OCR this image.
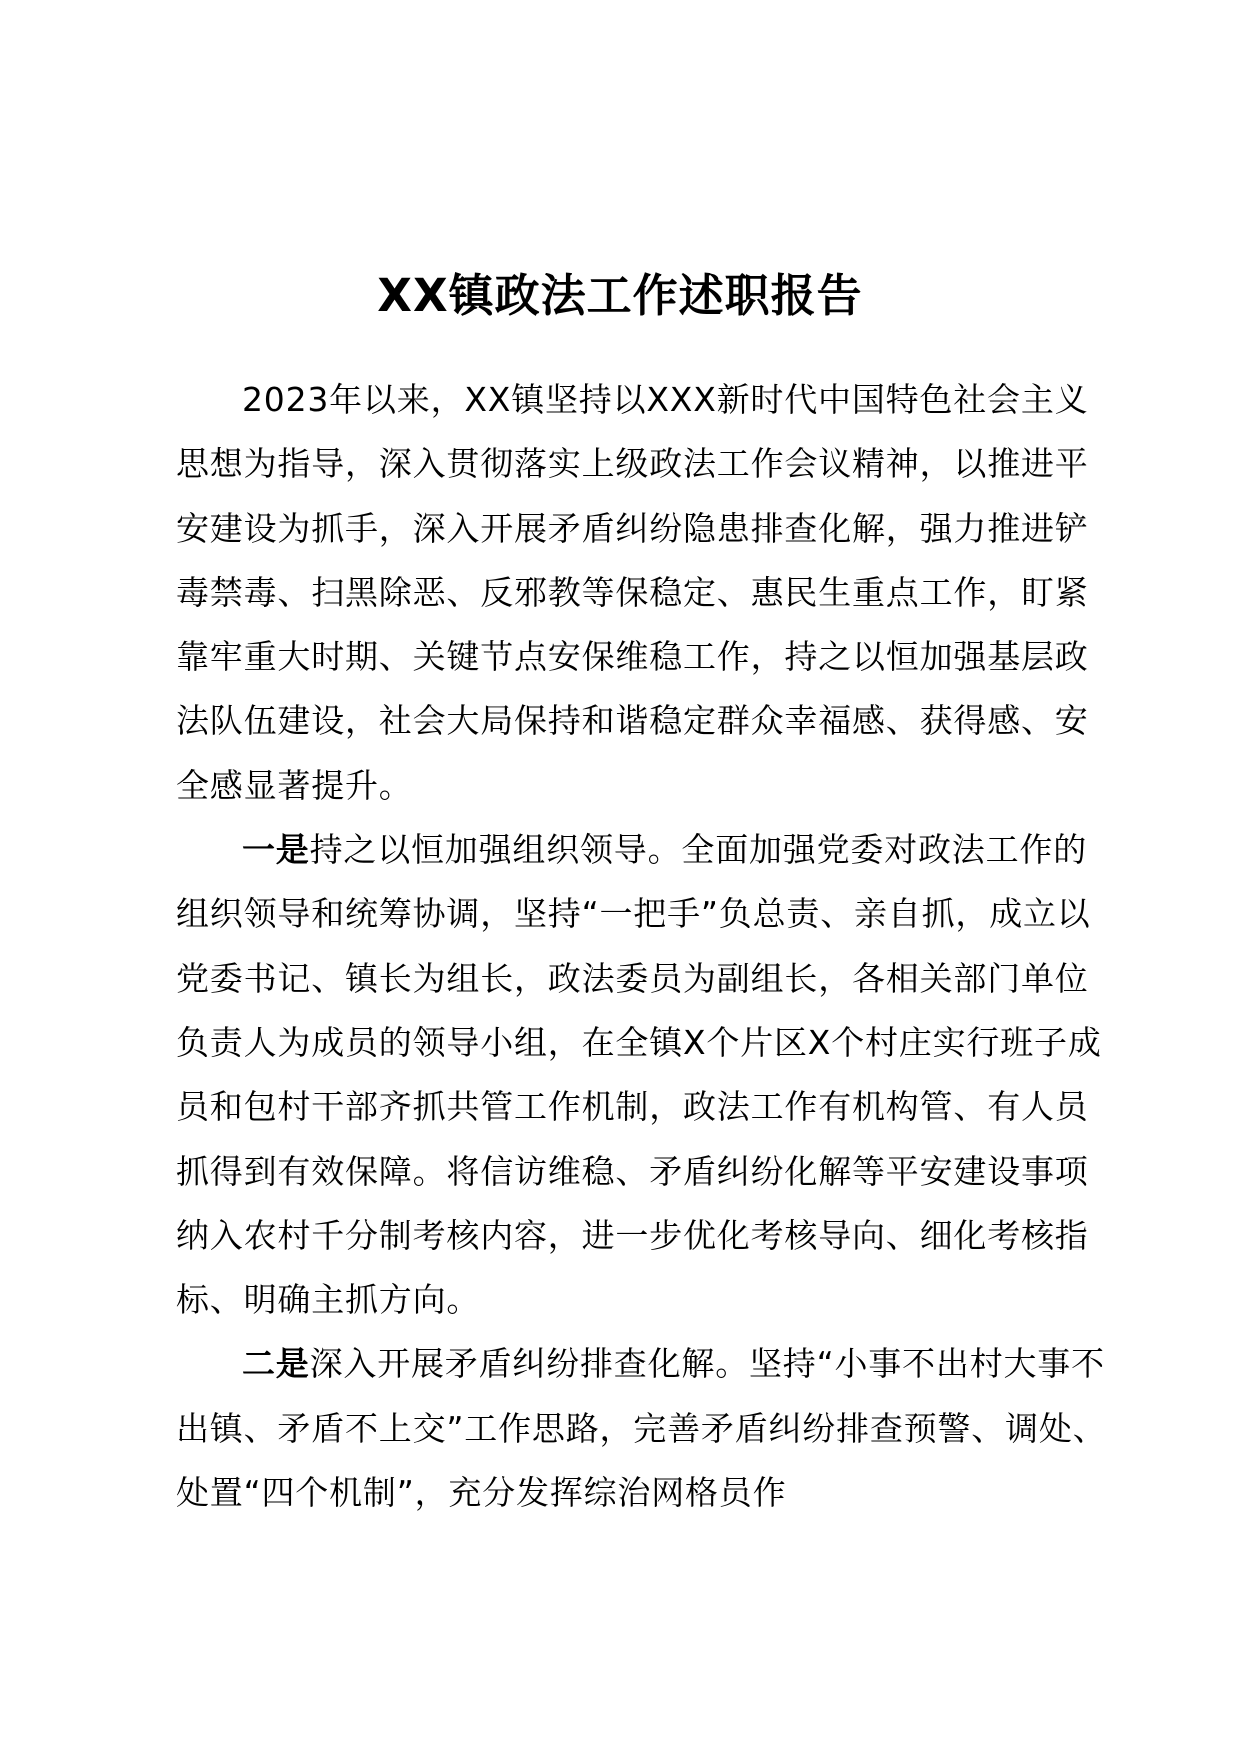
XX镇政法工作述职报告

2023年以来，XX镇坚持以XXX新时代中国特色社会主义思想为指导，深入贯彻落实上级政法工作会议精神，以推进平安建设为抓手，深入开展矛盾纠纷隐患排查化解，强力推进铲毒禁毒、扫黑除恶、反邪教等保稳定、惠民生重点工作，盯紧靠牢重大时期、关键节点安保维稳工作，持之以恒加强基层政法队伍建设，社会大局保持和谐稳定群众幸福感、获得感、安全感显著提升。

一是持之以恒加强组织领导。全面加强党委对政法工作的组织领导和统筹协调，坚持“一把手”负总责、亲自抓，成立以党委书记、镇长为组长，政法委员为副组长，各相关部门单位负责人为成员的领导小组，在全镇X个片区X个村庄实行班子成员和包村干部齐抓共管工作机制，政法工作有机构管、有人员抓得到有效保障。将信访维稳、矛盾纠纷化解等平安建设事项纳入农村千分制考核内容，进一步优化考核导向、细化考核指标、明确主抓方向。

二是深入开展矛盾纠纷排查化解。坚持“小事不出村大事不出镇、矛盾不上交”工作思路，完善矛盾纠纷排查预警、调处、处置“四个机制”，充分发挥综治网格员作
